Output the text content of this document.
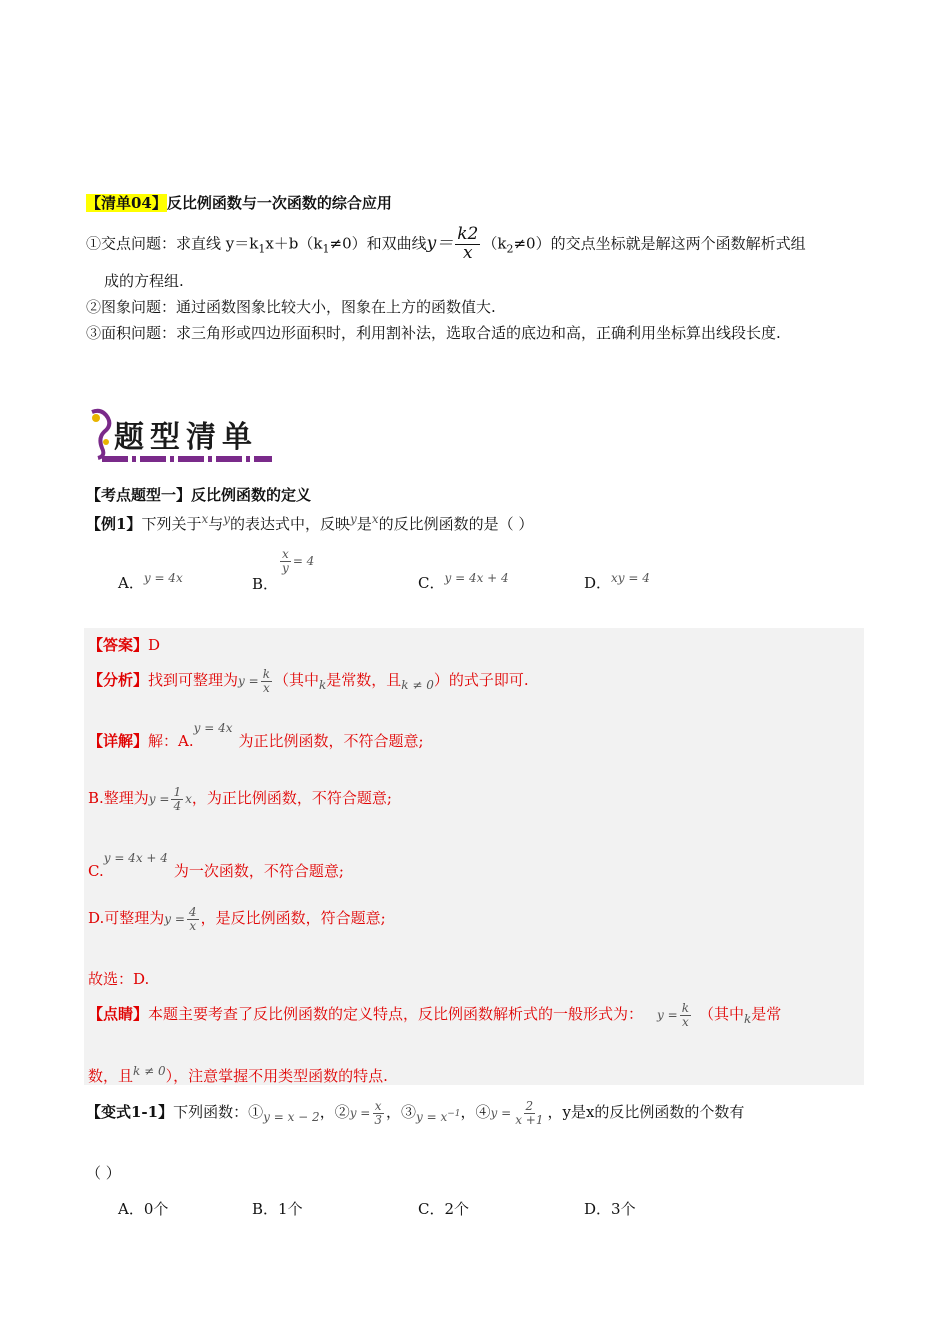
【清单04】反比例函数与一次函数的综合应用
①交点问题：求直线 $y=k_1x+b(k_1\ne 0)$和双曲线$y= \frac{k2}{x} (k_2\ne 0)$的交点坐标就是解这两个函数解析式组
成的方程组.
②图象问题：通过函数图象比较大小，图象在上方的函数值大.
③面积问题：求三角形或四边形面积时，利用割补法，选取合适的底边和高，正确利用坐标算出线段长度.
题型清单
【考点题型一】反比例函数的定义
【例1】下列关于$^x$与$^y$的表达式中，反映$^y$是$^x$的反比例函数的是（ ）
A．$^{y = 4x}$	B．
$\frac{x}{y} = 4$
C．$^{y = 4x + 4}$	D．$^{xy = 4}$
【答案】D
【分析】找到可整理为$y = \frac{k}{x}$ （其中$_k$是常数，且$_{k \ne 0}$）的式子即可.
【详解】解：A.$^{y = 4x}$为正比例函数，不符合题意;
B.整理为$y = \frac{1}{4}$ x，为正比例函数，不符合题意;
C.$^{y = 4x + 4}$为一次函数，不符合题意;
D.可整理为$y = \frac{4}{x}$ ，是反比例函数，符合题意;
故选：D.
【点睛】本题主要考查了反比例函数的定义特点，反比例函数解析式的一般形式为： $y = \frac{k}{x}$ （其中$_k$是常
数，且$^{k \ne 0}$），注意掌握不用类型函数的特点.
【变式1-1】下列函数：$①_{y = x - 2}$，②y = $\frac{x}{3}$ ，$③_{y = x^{-1}}$，④y = $\frac{2}{x +1}$ ，y是x的反比例函数的个数有
（ ）
A．0个	B．1个	C．2个	D．3个
